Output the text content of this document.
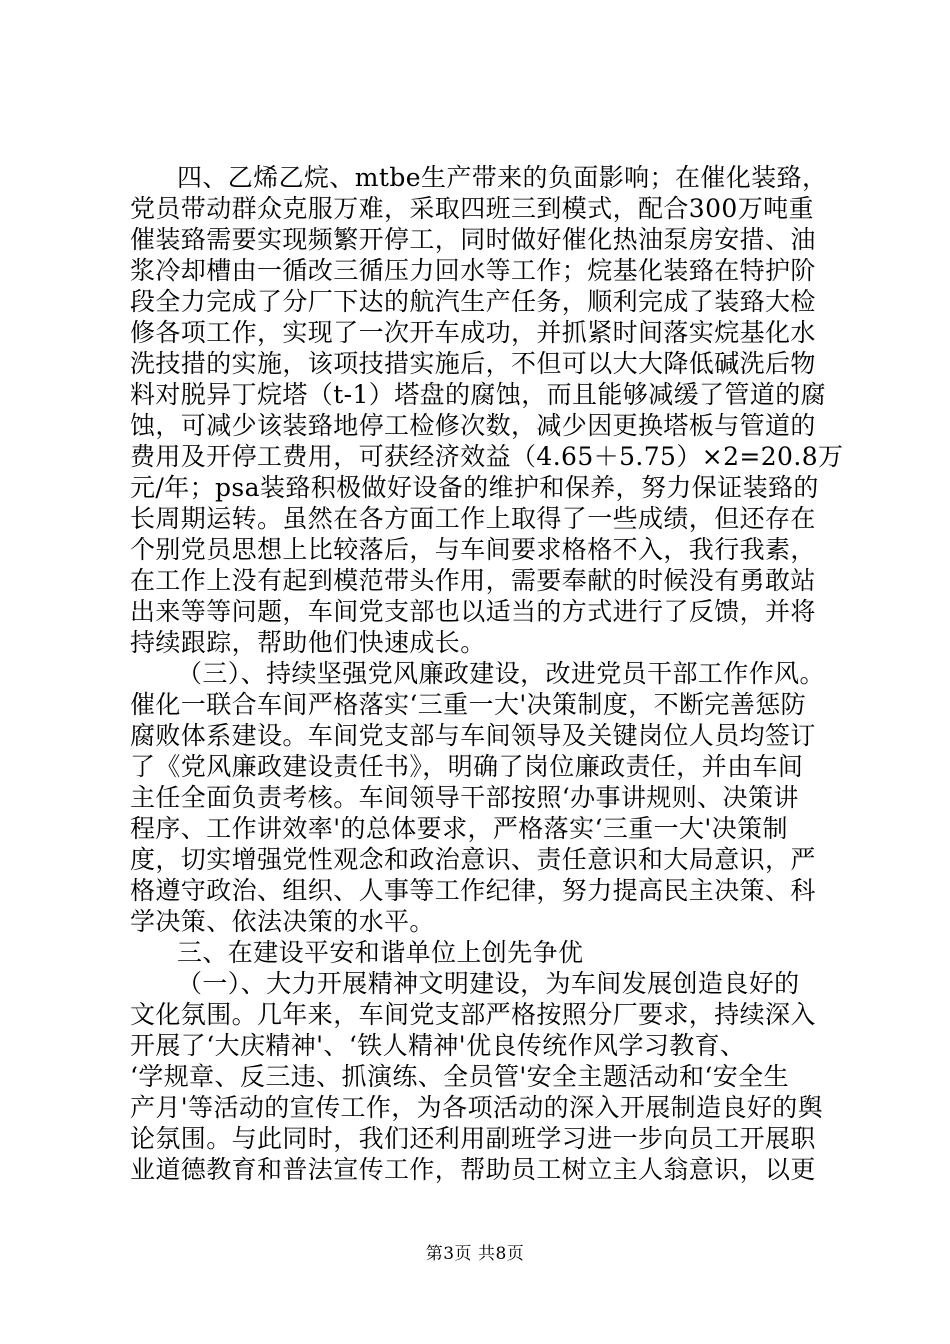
四、乙烯乙烷、mtbe生产带来的负面影响；在催化装臵，
党员带动群众克服万难，采取四班三到模式，配合300万吨重
催装臵需要实现频繁开停工，同时做好催化热油泵房安措、油
浆冷却槽由一循改三循压力回水等工作；烷基化装臵在特护阶
段全力完成了分厂下达的航汽生产任务，顺利完成了装臵大检
修各项工作，实现了一次开车成功，并抓紧时间落实烷基化水
洗技措的实施，该项技措实施后，不但可以大大降低碱洗后物
料对脱异丁烷塔（t-1）塔盘的腐蚀，而且能够减缓了管道的腐
蚀，可减少该装臵地停工检修次数，减少因更换塔板与管道的
费用及开停工费用，可获经济效益（4.65＋5.75）×2=20.8万
元/年；psa装臵积极做好设备的维护和保养，努力保证装臵的
长周期运转。虽然在各方面工作上取得了一些成绩，但还存在
个别党员思想上比较落后，与车间要求格格不入，我行我素，
在工作上没有起到模范带头作用，需要奉献的时候没有勇敢站
出来等等问题，车间党支部也以适当的方式进行了反馈，并将
持续跟踪，帮助他们快速成长。
（三）、持续坚强党风廉政建设，改进党员干部工作作风。
催化一联合车间严格落实‘三重一大'决策制度，不断完善惩防
腐败体系建设。车间党支部与车间领导及关键岗位人员均签订
了《党风廉政建设责任书》，明确了岗位廉政责任，并由车间
主任全面负责考核。车间领导干部按照‘办事讲规则、决策讲
程序、工作讲效率'的总体要求，严格落实‘三重一大'决策制
度，切实增强党性观念和政治意识、责任意识和大局意识，严
格遵守政治、组织、人事等工作纪律，努力提高民主决策、科
学决策、依法决策的水平。
三、在建设平安和谐单位上创先争优
（一）、大力开展精神文明建设，为车间发展创造良好的
文化氛围。几年来，车间党支部严格按照分厂要求，持续深入
开展了‘大庆精神'、‘铁人精神'优良传统作风学习教育、
‘学规章、反三违、抓演练、全员管'安全主题活动和‘安全生
产月'等活动的宣传工作，为各项活动的深入开展制造良好的舆
论氛围。与此同时，我们还利用副班学习进一步向员工开展职
业道德教育和普法宣传工作，帮助员工树立主人翁意识，以更
第3页 共8页
